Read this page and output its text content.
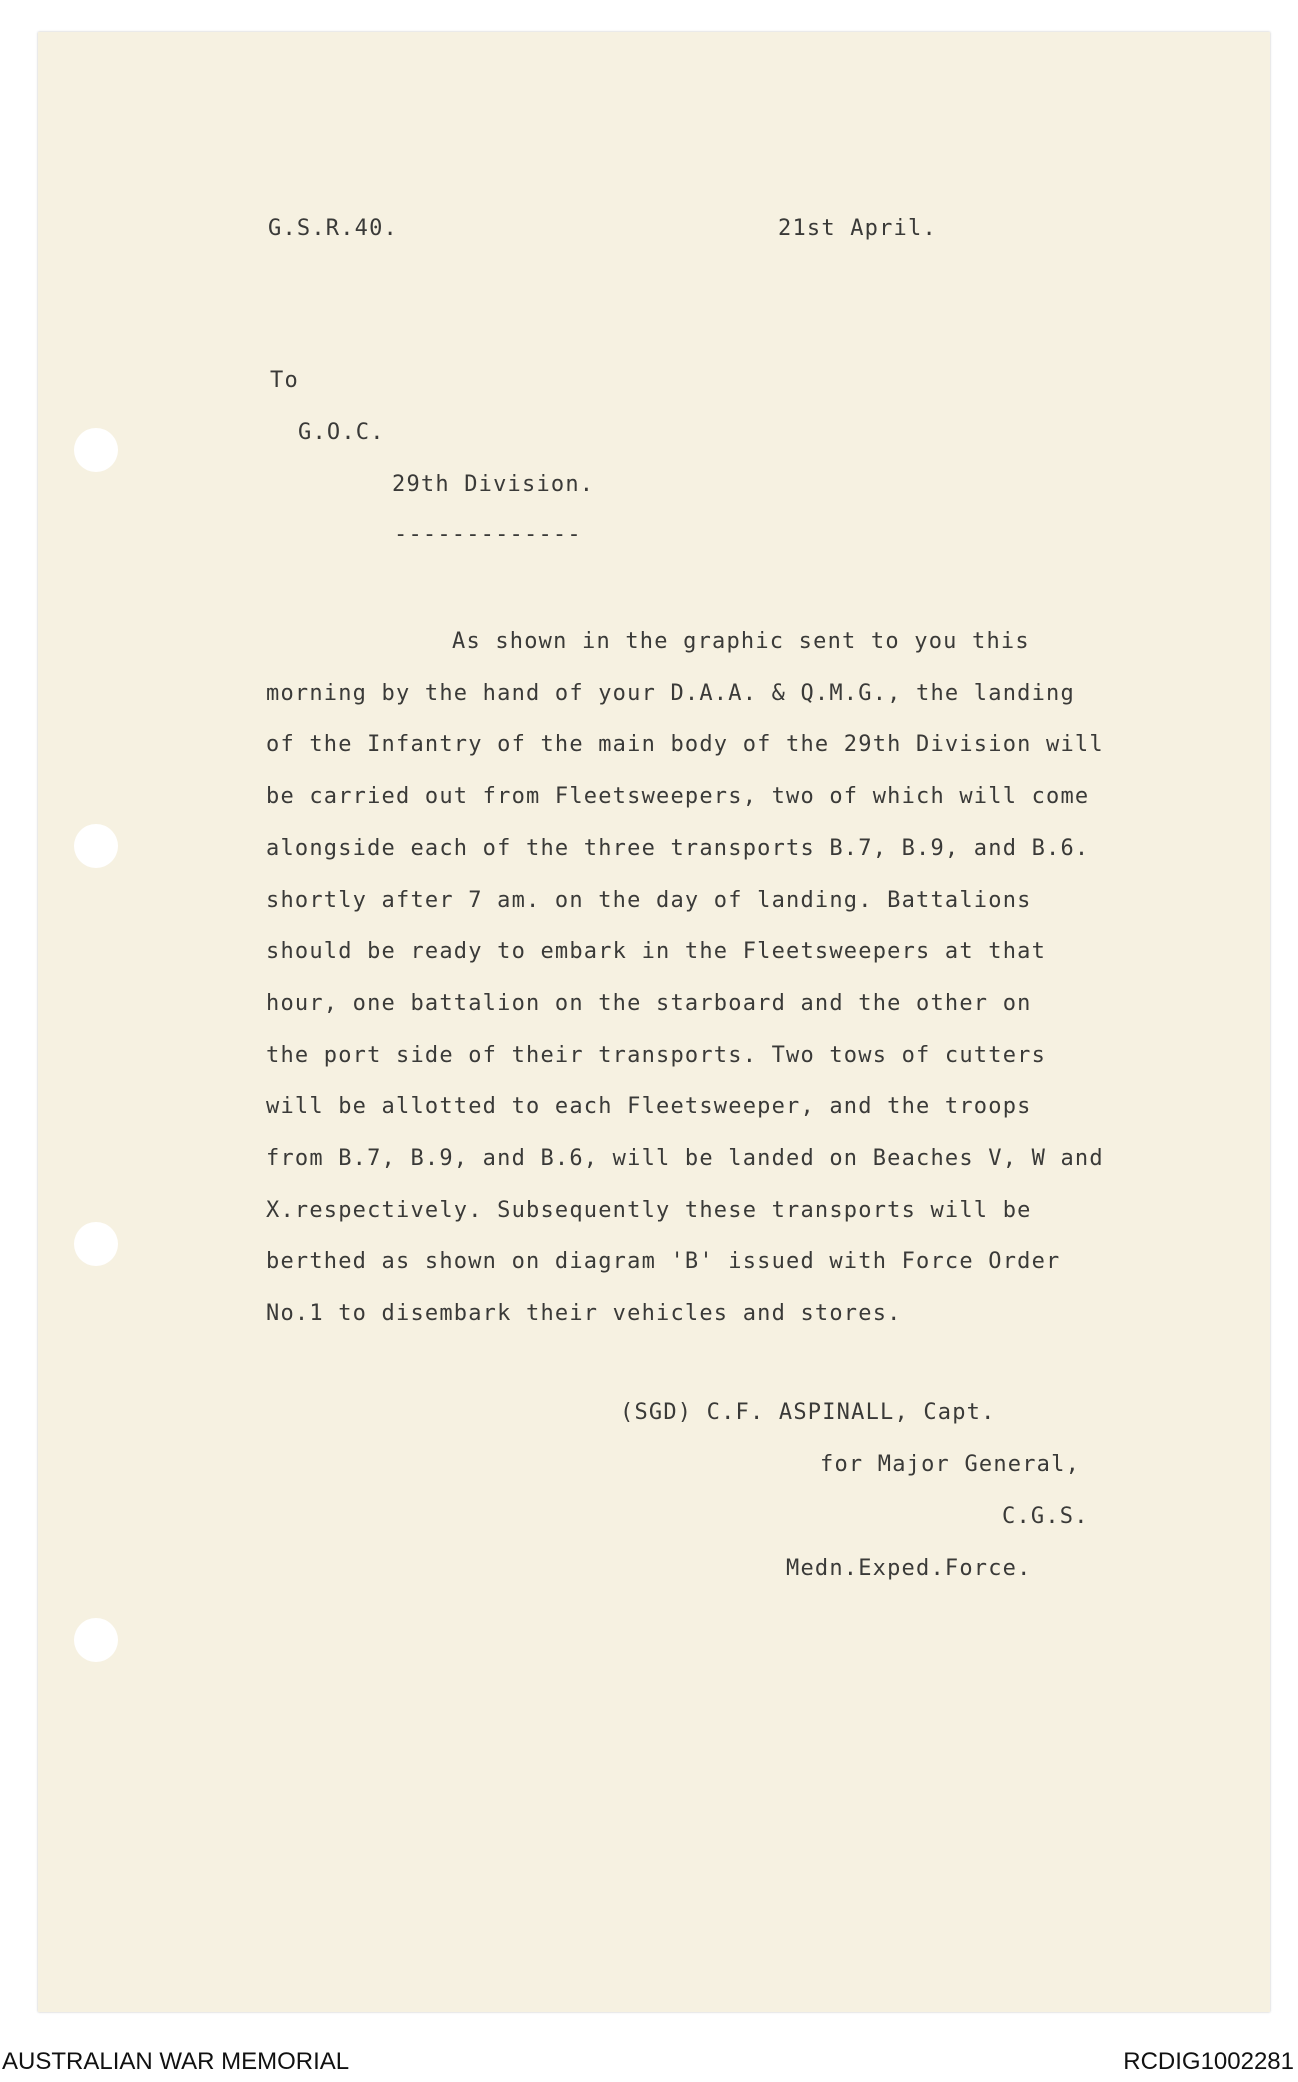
G.S.R.40.	21st April.
To
G.O.C.
29th Division.
-------------
As shown in the graphic sent to you this
morning by the hand of your D.A.A. & Q.M.G., the landing
of the Infantry of the main body of the 29th Division will
be carried out from Fleetsweepers, two of which will come
alongside each of the three transports B.7, B.9, and B.6.
shortly after 7 am. on the day of landing. Battalions
should be ready to embark in the Fleetsweepers at that
hour, one battalion on the starboard and the other on
the port side of their transports. Two tows of cutters
will be allotted to each Fleetsweeper, and the troops
from B.7, B.9, and B.6, will be landed on Beaches V, W and
X.respectively. Subsequently these transports will be
berthed as shown on diagram 'B' issued with Force Order
No.1 to disembark their vehicles and stores.
(SGD) C.F. ASPINALL, Capt.
for Major General,
C.G.S.
Medn.Exped.Force.
AUSTRALIAN WAR MEMORIAL	RCDIG1002281
